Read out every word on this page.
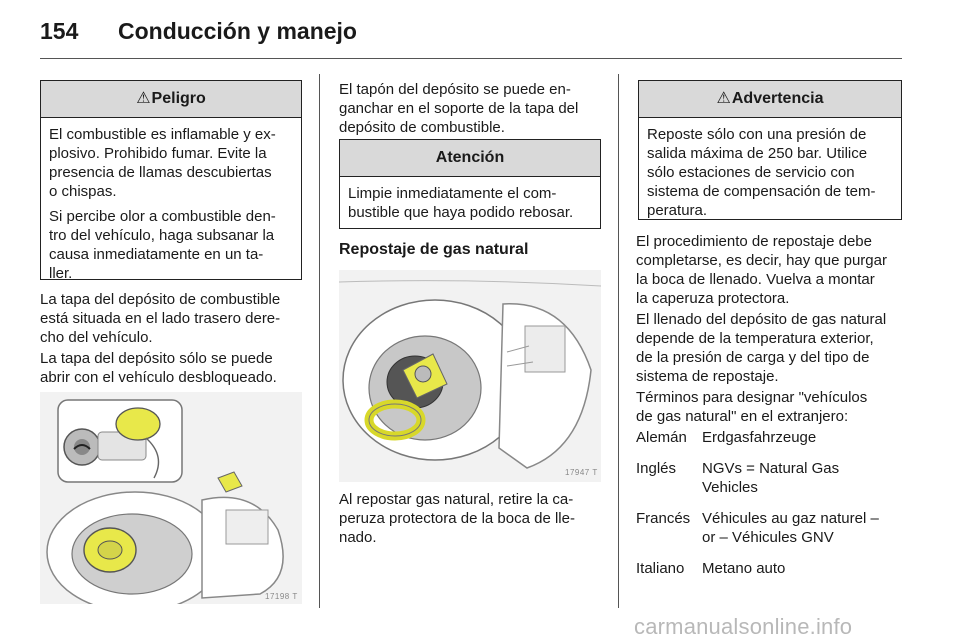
154 Conducción y manejo
⚠Peligro

El combustible es inflamable y ex-
plosivo. Prohibido fumar. Evite la
presencia de llamas descubiertas
o chispas.

Si percibe olor a combustible den-
tro del vehículo, haga subsanar la
causa inmediatamente en un ta-
ller.

La tapa del depósito de combustible
está situada en el lado trasero dere-
cho del vehículo.

La tapa del depósito sólo se puede
abrir con el vehículo desbloqueado.

17198 T

El tapón del depósito se puede en-
ganchar en el soporte de la tapa del
depósito de combustible.

Atención

Limpie inmediatamente el com-
bustible que haya podido rebosar.

Repostaje de gas natural
17947 T

Al repostar gas natural, retire la ca-
peruza protectora de la boca de lle-
nado.

⚠Advertencia

Reposte sólo con una presión de
salida máxima de 250 bar. Utilice
sólo estaciones de servicio con
sistema de compensación de tem-
peratura.

El procedimiento de repostaje debe
completarse, es decir, hay que purgar
la boca de llenado. Vuelva a montar
la caperuza protectora.

El llenado del depósito de gas natural
depende de la temperatura exterior,
de la presión de carga y del tipo de
sistema de repostaje.

Términos para designar "vehículos
de gas natural" en el extranjero:

Alemán	Erdgasfahrzeuge
Inglés	NGVs = Natural Gas
Vehicles
Francés Véhicules au gaz naturel –
or – Véhicules GNV
Italiano	Metano auto
carmanualsonline.info
